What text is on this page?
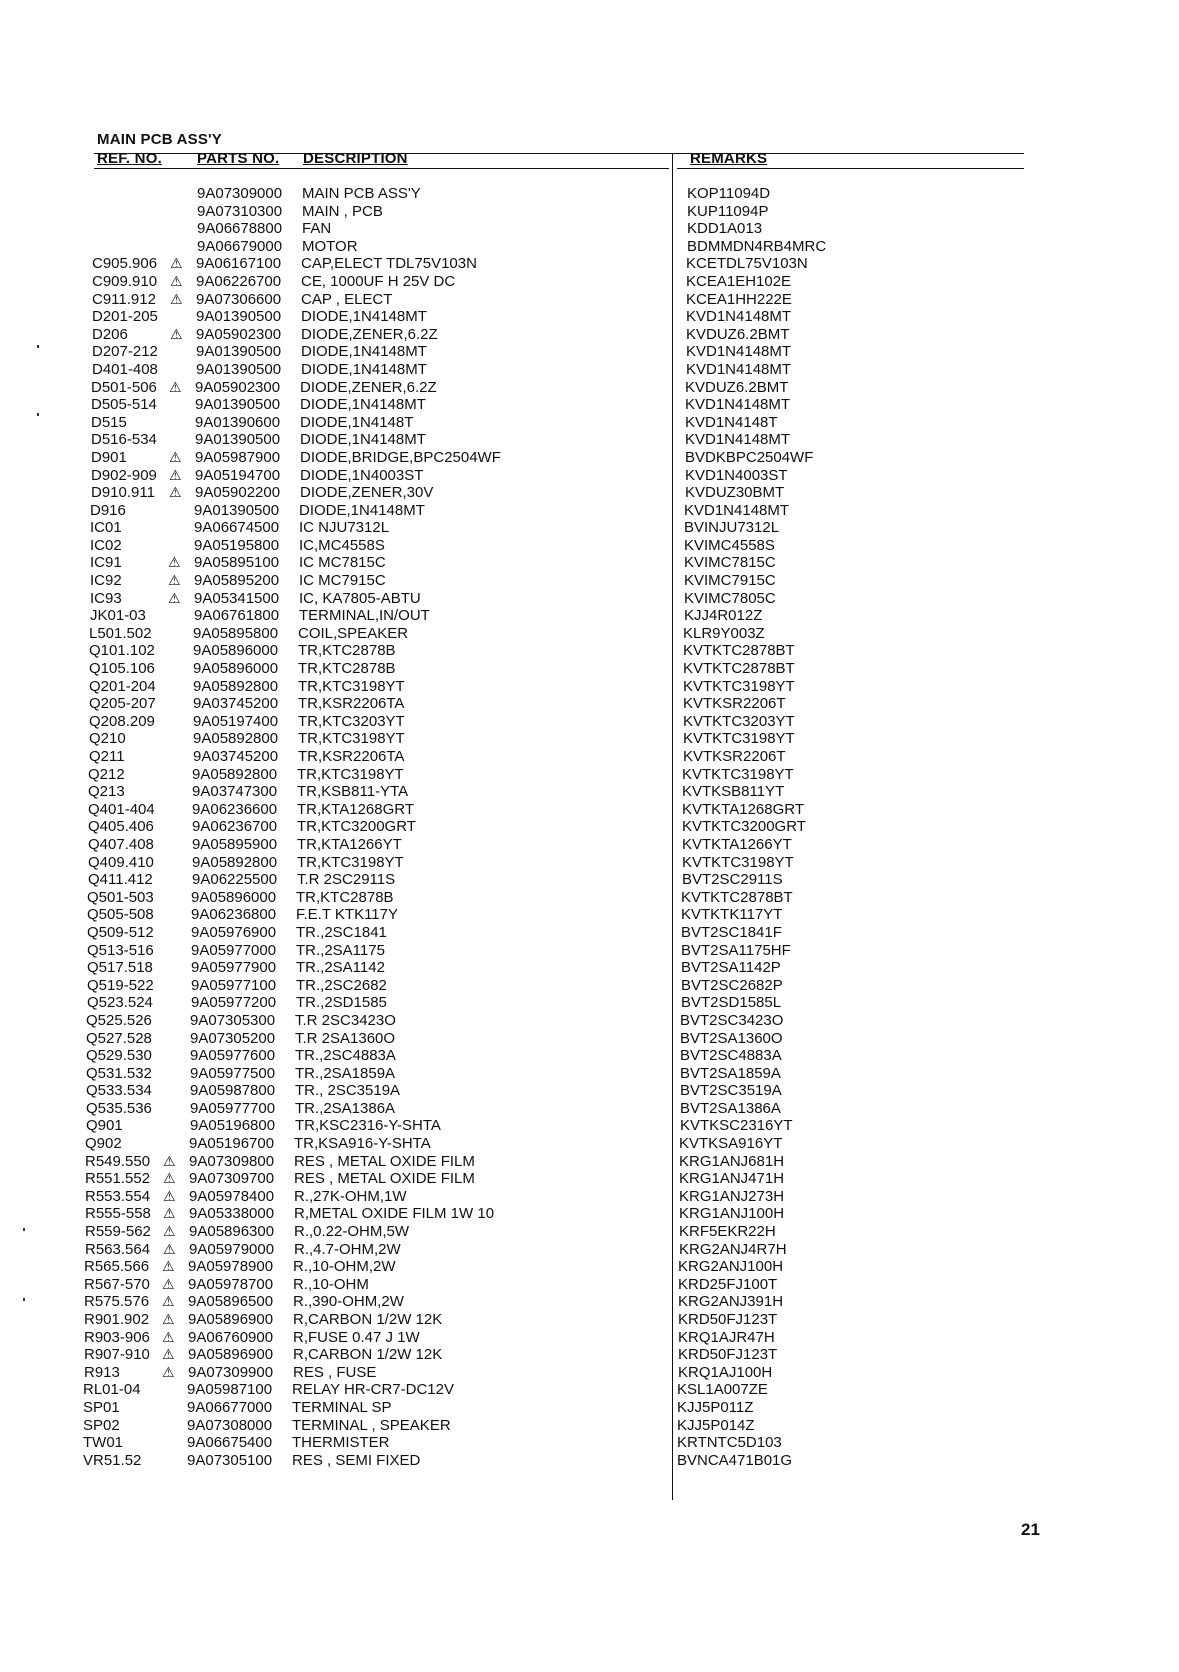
MAIN PCB ASS'Y
REF. NO. PARTS NO. DESCRIPTION	REMARKS
9A07309000 MAIN PCB ASS'Y	KOP11094D
9A07310300 MAIN , PCB	KUP11094P
9A06678800 FAN	KDD1A013
9A06679000 MOTOR	BDMMDN4RB4MRC
C905.906 ⚠ 9A06167100 CAP,ELECT TDL75V103N	KCETDL75V103N
C909.910 ⚠ 9A06226700 CE, 1000UF H 25V DC	KCEA1EH102E
C911.912 ⚠ 9A07306600 CAP , ELECT	KCEA1HH222E
D201-205	9A01390500 DIODE,1N4148MT	KVD1N4148MT
D206	⚠ 9A05902300 DIODE,ZENER,6.2Z	KVDUZ6.2BMT
D207-212	9A01390500 DIODE,1N4148MT	KVD1N4148MT
D401-408	9A01390500 DIODE,1N4148MT	KVD1N4148MT
D501-506 ⚠ 9A05902300 DIODE,ZENER,6.2Z	KVDUZ6.2BMT
D505-514	9A01390500 DIODE,1N4148MT	KVD1N4148MT
D515	9A01390600 DIODE,1N4148T	KVD1N4148T
D516-534	9A01390500 DIODE,1N4148MT	KVD1N4148MT
D901	⚠ 9A05987900 DIODE,BRIDGE,BPC2504WF	BVDKBPC2504WF
D902-909 ⚠ 9A05194700 DIODE,1N4003ST	KVD1N4003ST
D910.911 ⚠ 9A05902200 DIODE,ZENER,30V	KVDUZ30BMT
D916	9A01390500 DIODE,1N4148MT	KVD1N4148MT
IC01	9A06674500 IC NJU7312L	BVINJU7312L
IC02	9A05195800 IC,MC4558S	KVIMC4558S
IC91	⚠ 9A05895100 IC MC7815C	KVIMC7815C
IC92	⚠ 9A05895200 IC MC7915C	KVIMC7915C
IC93	⚠ 9A05341500 IC, KA7805-ABTU	KVIMC7805C
JK01-03	9A06761800 TERMINAL,IN/OUT	KJJ4R012Z
L501.502	9A05895800 COIL,SPEAKER	KLR9Y003Z
Q101.102	9A05896000 TR,KTC2878B	KVTKTC2878BT
Q105.106	9A05896000 TR,KTC2878B	KVTKTC2878BT
Q201-204 9A05892800 TR,KTC3198YT	KVTKTC3198YT
Q205-207 9A03745200 TR,KSR2206TA	KVTKSR2206T
Q208.209	9A05197400 TR,KTC3203YT	KVTKTC3203YT
Q210	9A05892800 TR,KTC3198YT	KVTKTC3198YT
Q211	9A03745200 TR,KSR2206TA	KVTKSR2206T
Q212	9A05892800 TR,KTC3198YT	KVTKTC3198YT
Q213	9A03747300 TR,KSB811-YTA	KVTKSB811YT
Q401-404 9A06236600 TR,KTA1268GRT	KVTKTA1268GRT
Q405.406	9A06236700 TR,KTC3200GRT	KVTKTC3200GRT
Q407.408	9A05895900 TR,KTA1266YT	KVTKTA1266YT
Q409.410	9A05892800 TR,KTC3198YT	KVTKTC3198YT
Q411.412	9A06225500 T.R 2SC2911S	BVT2SC2911S
Q501-503 9A05896000 TR,KTC2878B	KVTKTC2878BT
Q505-508 9A06236800 F.E.T KTK117Y	KVTKTK117YT
Q509-512 9A05976900 TR.,2SC1841	BVT2SC1841F
Q513-516 9A05977000 TR.,2SA1175	BVT2SA1175HF
Q517.518	9A05977900 TR.,2SA1142	BVT2SA1142P
Q519-522 9A05977100 TR.,2SC2682	BVT2SC2682P
Q523.524	9A05977200 TR.,2SD1585	BVT2SD1585L
Q525.526	9A07305300 T.R 2SC3423O	BVT2SC3423O
Q527.528	9A07305200 T.R 2SA1360O	BVT2SA1360O
Q529.530	9A05977600 TR.,2SC4883A	BVT2SC4883A
Q531.532	9A05977500 TR.,2SA1859A	BVT2SA1859A
Q533.534	9A05987800 TR., 2SC3519A	BVT2SC3519A
Q535.536	9A05977700 TR.,2SA1386A	BVT2SA1386A
Q901	9A05196800 TR,KSC2316-Y-SHTA	KVTKSC2316YT
Q902	9A05196700 TR,KSA916-Y-SHTA	KVTKSA916YT
R549.550 ⚠ 9A07309800 RES , METAL OXIDE FILM	KRG1ANJ681H
R551.552 ⚠ 9A07309700 RES , METAL OXIDE FILM	KRG1ANJ471H
R553.554 ⚠ 9A05978400 R.,27K-OHM,1W	KRG1ANJ273H
R555-558 ⚠ 9A05338000 R,METAL OXIDE FILM 1W 10	KRG1ANJ100H
R559-562 ⚠ 9A05896300 R.,0.22-OHM,5W	KRF5EKR22H
R563.564 ⚠ 9A05979000 R.,4.7-OHM,2W	KRG2ANJ4R7H
R565.566 ⚠ 9A05978900 R.,10-OHM,2W	KRG2ANJ100H
R567-570 ⚠ 9A05978700 R.,10-OHM	KRD25FJ100T
R575.576 ⚠ 9A05896500 R.,390-OHM,2W	KRG2ANJ391H
R901.902 ⚠ 9A05896900 R,CARBON 1/2W 12K	KRD50FJ123T
R903-906 ⚠ 9A06760900 R,FUSE 0.47 J 1W	KRQ1AJR47H
R907-910 ⚠ 9A05896900 R,CARBON 1/2W 12K	KRD50FJ123T
R913	⚠ 9A07309900 RES , FUSE	KRQ1AJ100H
RL01-04	9A05987100 RELAY HR-CR7-DC12V	KSL1A007ZE
SP01	9A06677000 TERMINAL SP	KJJ5P011Z
SP02	9A07308000 TERMINAL , SPEAKER	KJJ5P014Z
TW01	9A06675400 THERMISTER	KRTNTC5D103
VR51.52	9A07305100 RES , SEMI FIXED	BVNCA471B01G
21
